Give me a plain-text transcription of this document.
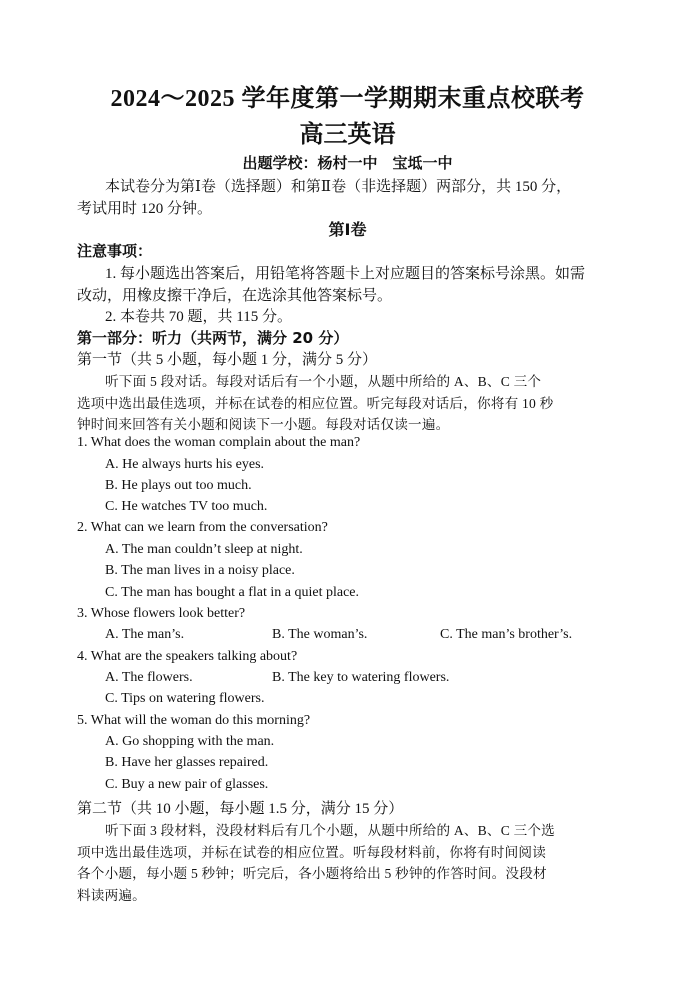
2024～2025 学年度第一学期期末重点校联考
高三英语
出题学校：杨村一中　宝坻一中
本试卷分为第Ⅰ卷（选择题）和第Ⅱ卷（非选择题）两部分，共 150 分，
考试用时 120 分钟。
第Ⅰ卷
注意事项：
1. 每小题选出答案后，用铅笔将答题卡上对应题目的答案标号涂黑。如需
改动，用橡皮擦干净后，在选涂其他答案标号。
2. 本卷共 70 题，共 115 分。
第一部分：听力（共两节，满分 20 分）
第一节（共 5 小题，每小题 1 分，满分 5 分）
听下面 5 段对话。每段对话后有一个小题，从题中所给的 A、B、C 三个
选项中选出最佳选项，并标在试卷的相应位置。听完每段对话后，你将有 10 秒
钟时间来回答有关小题和阅读下一小题。每段对话仅读一遍。
1. What does the woman complain about the man?
A. He always hurts his eyes.
B. He plays out too much.
C. He watches TV too much.
2. What can we learn from the conversation?
A. The man couldn’t sleep at night.
B. The man lives in a noisy place.
C. The man has bought a flat in a quiet place.
3. Whose flowers look better?
A. The man’s.	B. The woman’s.	C. The man’s brother’s.
4. What are the speakers talking about?
A. The flowers.	B. The key to watering flowers.
C. Tips on watering flowers.
5. What will the woman do this morning?
A. Go shopping with the man.
B. Have her glasses repaired.
C. Buy a new pair of glasses.
第二节（共 10 小题，每小题 1.5 分，满分 15 分）
听下面 3 段材料，没段材料后有几个小题，从题中所给的 A、B、C 三个选
项中选出最佳选项，并标在试卷的相应位置。听每段材料前，你将有时间阅读
各个小题，每小题 5 秒钟；听完后，各小题将给出 5 秒钟的作答时间。没段材
料读两遍。
